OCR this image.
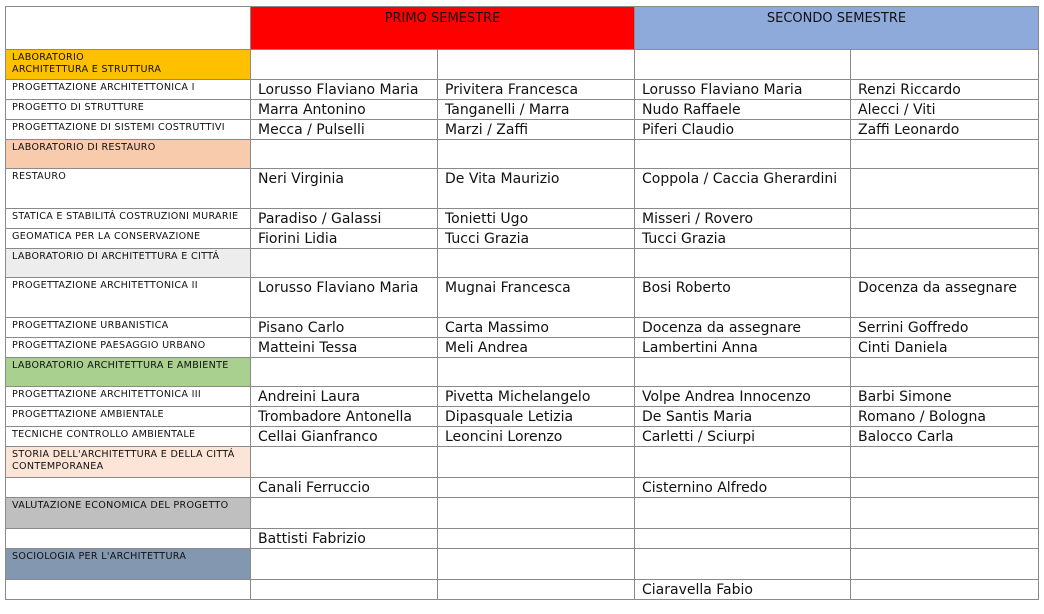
	PRIMO SEMESTRE		SECONDO SEMESTRE	
LABORATORIO
ARCHITETTURA E STRUTTURA				
PROGETTAZIONE ARCHITETTONICA I	Lorusso Flaviano Maria	Privitera Francesca	Lorusso Flaviano Maria	Renzi Riccardo
PROGETTO DI STRUTTURE	Marra Antonino	Tanganelli / Marra	Nudo Raffaele	Alecci / Viti
PROGETTAZIONE DI SISTEMI COSTRUTTIVI	Mecca / Pulselli	Marzi / Zaffi	Piferi Claudio	Zaffi Leonardo
LABORATORIO DI RESTAURO				
RESTAURO	Neri Virginia	De Vita Maurizio	Coppola / Caccia Gherardini	
STATICA E STABILITÁ COSTRUZIONI MURARIE	Paradiso / Galassi	Tonietti Ugo	Misseri / Rovero	
GEOMATICA PER LA CONSERVAZIONE	Fiorini Lidia	Tucci Grazia	Tucci Grazia	
LABORATORIO DI ARCHITETTURA E CITTÁ				
PROGETTAZIONE ARCHITETTONICA II	Lorusso Flaviano Maria	Mugnai Francesca	Bosi Roberto	Docenza da assegnare
PROGETTAZIONE URBANISTICA	Pisano Carlo	Carta Massimo	Docenza da assegnare	Serrini Goffredo
PROGETTAZIONE PAESAGGIO URBANO	Matteini Tessa	Meli Andrea	Lambertini Anna	Cinti Daniela
LABORATORIO ARCHITETTURA E AMBIENTE				
PROGETTAZIONE ARCHITETTONICA III	Andreini Laura	Pivetta Michelangelo	Volpe Andrea Innocenzo	Barbi Simone
PROGETTAZIONE AMBIENTALE	Trombadore Antonella	Dipasquale Letizia	De Santis Maria	Romano / Bologna
TECNICHE CONTROLLO AMBIENTALE	Cellai Gianfranco	Leoncini Lorenzo	Carletti / Sciurpi	Balocco Carla
STORIA DELL'ARCHITETTURA E DELLA CITTÁ CONTEMPORANEA				
	Canali Ferruccio		Cisternino Alfredo	
VALUTAZIONE ECONOMICA DEL PROGETTO				
	Battisti Fabrizio			
SOCIOLOGIA PER L'ARCHITETTURA				
			Ciaravella Fabio	
